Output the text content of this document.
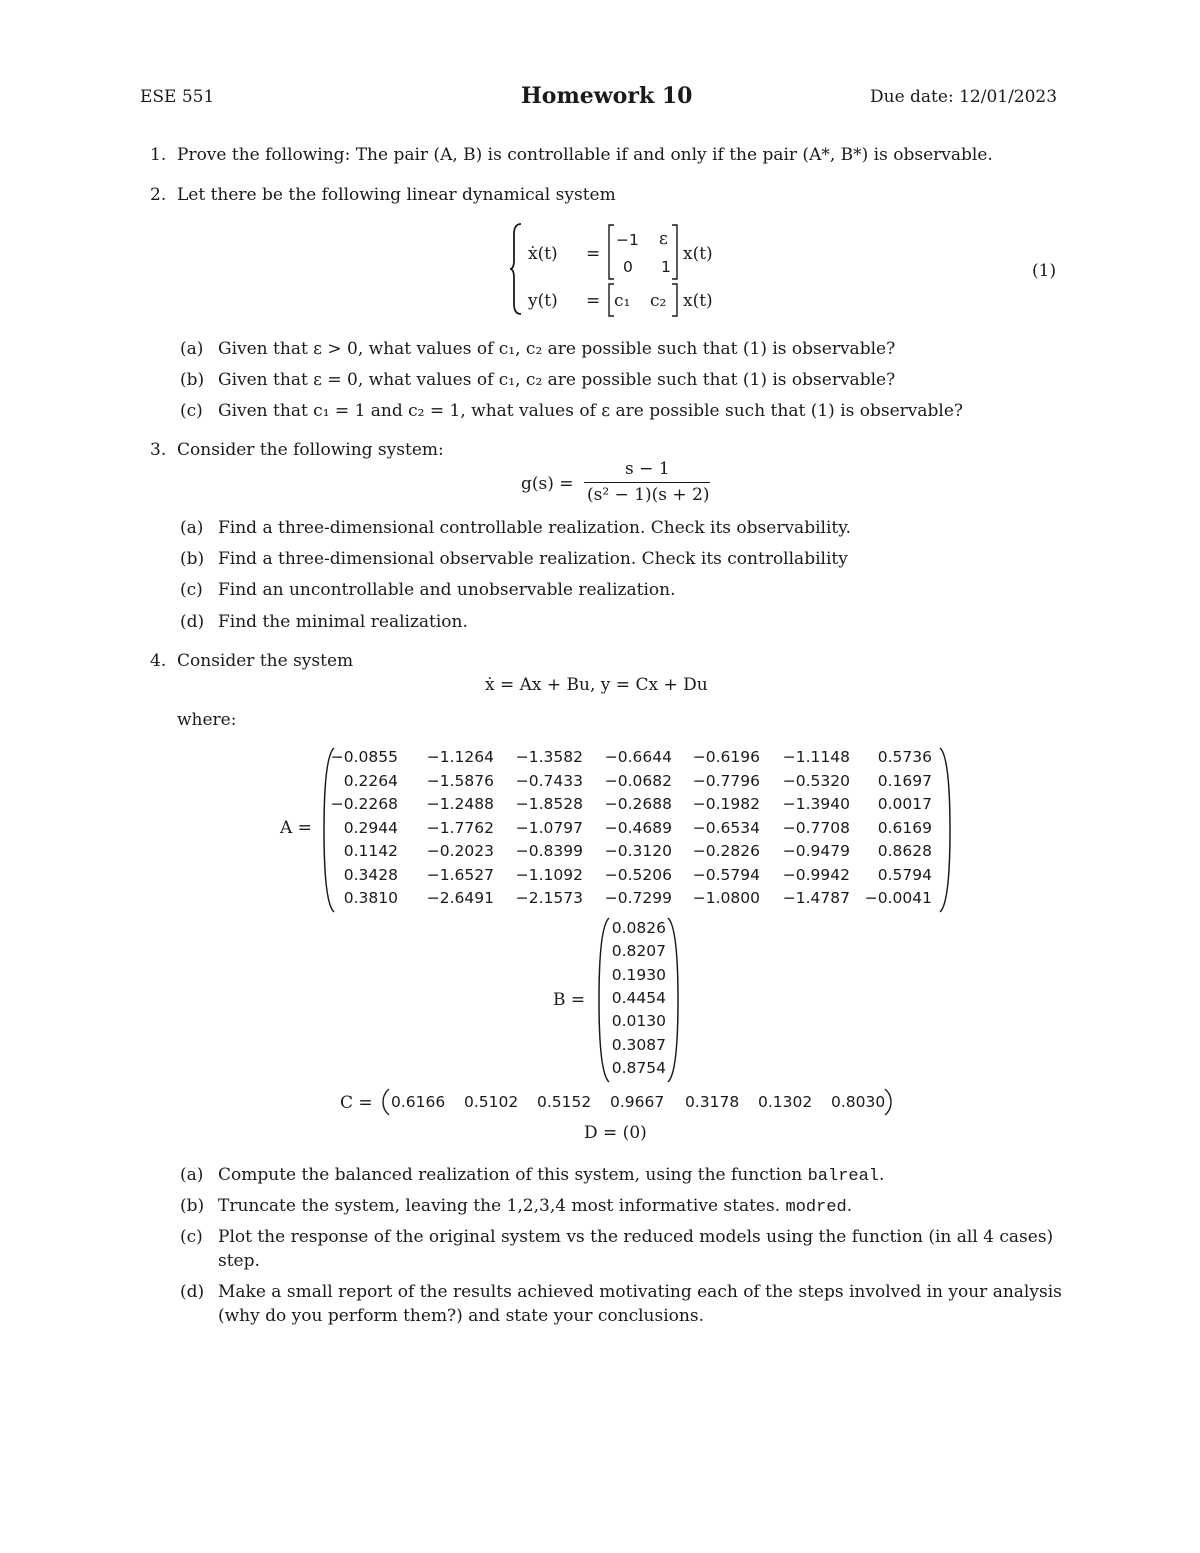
ESE 551	Homework 10	Due date: 12/01/2023
1. Prove the following: The pair (A, B) is controllable if and only if the pair (A*, B*) is observable.
2. Let there be the following linear dynamical system
ẋ(t)
y(t)
=
=
−1 ε
0 1
x(t)
c₁ c₂ x(t)
(1)
(a) Given that ε > 0, what values of c₁, c₂ are possible such that (1) is observable?
(b) Given that ε = 0, what values of c₁, c₂ are possible such that (1) is observable?
(c) Given that c₁ = 1 and c₂ = 1, what values of ε are possible such that (1) is observable?
3. Consider the following system:
g(s) =
s − 1
(s² − 1)(s + 2)
(a) Find a three-dimensional controllable realization. Check its observability.
(b) Find a three-dimensional observable realization. Check its controllability
(c) Find an uncontrollable and unobservable realization.
(d) Find the minimal realization.
4. Consider the system
ẋ = Ax + Bu, y = Cx + Du
where:
A =
−0.0855	−1.1264	−1.3582	−0.6644	−0.6196	−1.1148	0.5736
0.2264	−1.5876	−0.7433	−0.0682	−0.7796	−0.5320	0.1697
−0.2268	−1.2488	−1.8528	−0.2688	−0.1982	−1.3940	0.0017
0.2944	−1.7762	−1.0797	−0.4689	−0.6534	−0.7708	0.6169
0.1142	−0.2023	−0.8399	−0.3120	−0.2826	−0.9479	0.8628
0.3428	−1.6527	−1.1092	−0.5206	−0.5794	−0.9942	0.5794
0.3810	−2.6491	−2.1573	−0.7299	−1.0800	−1.4787 −0.0041
B =
0.0826
0.8207
0.1930
0.4454
0.0130
0.3087
0.8754
C = 0.6166 0.5102 0.5152 0.9667 0.3178 0.1302 0.8030
D = (0)
(a) Compute the balanced realization of this system, using the function balreal.
(b) Truncate the system, leaving the 1,2,3,4 most informative states. modred.
(c) Plot the response of the original system vs the reduced models using the function (in all 4 cases)
step.
(d) Make a small report of the results achieved motivating each of the steps involved in your analysis
(why do you perform them?) and state your conclusions.
